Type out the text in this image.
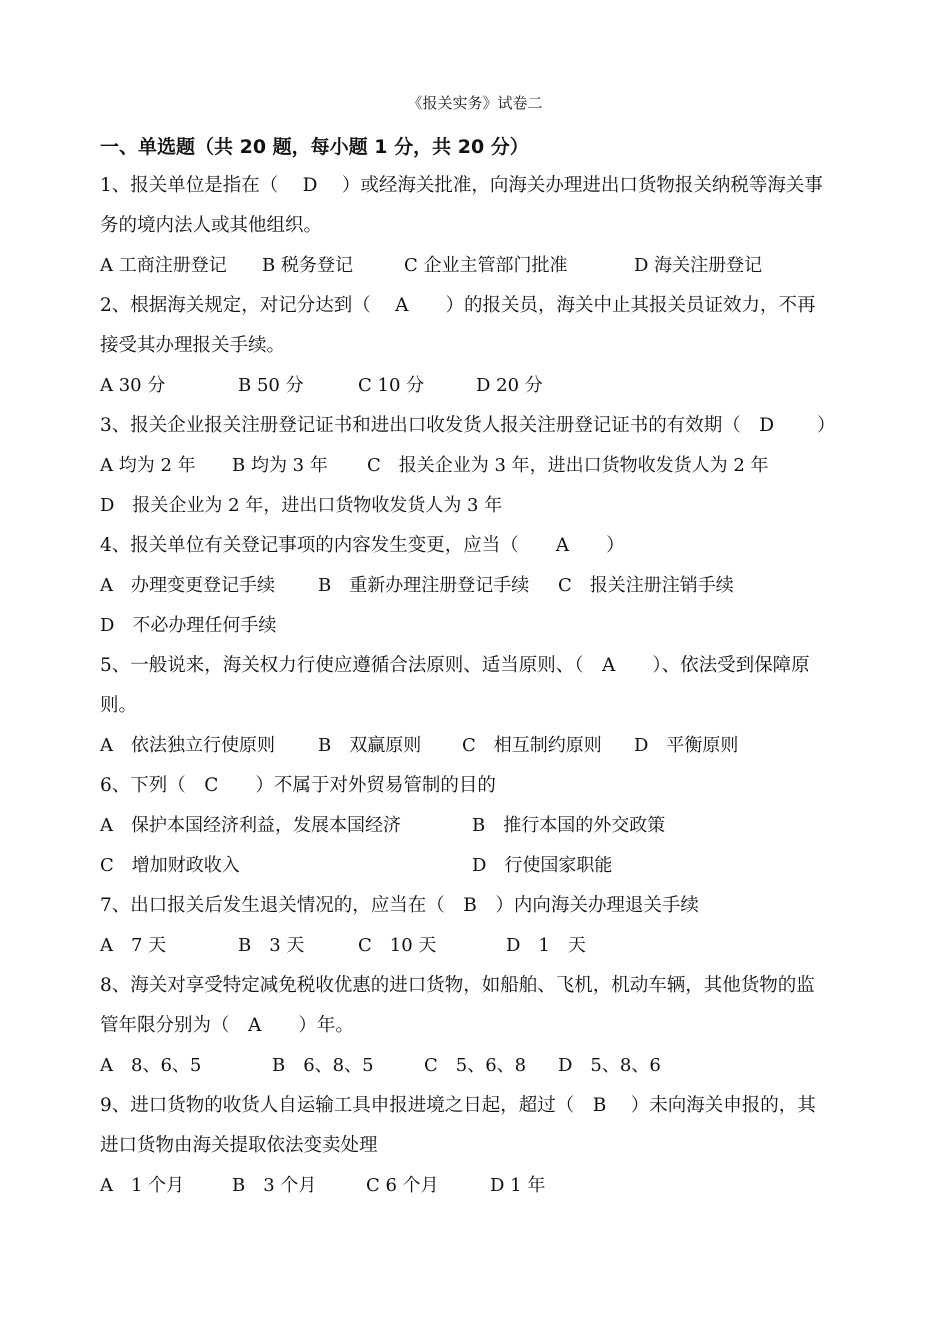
《报关实务》试卷二
一、单选题（共 20 题，每小题 1 分，共 20 分）
1、报关单位是指在（　 D　 ）或经海关批准，向海关办理进出口货物报关纳税等海关事
务的境内法人或其他组织。
A 工商注册登记 B 税务登记	C 企业主管部门批准	D 海关注册登记
2、根据海关规定，对记分达到（　 A　　）的报关员，海关中止其报关员证效力，不再
接受其办理报关手续。
A 30 分	B 50 分	C 10 分	D 20 分
3、报关企业报关注册登记证书和进出口收发货人报关注册登记证书的有效期（　D　　 ）
A 均为 2 年 B 均为 3 年 C　报关企业为 3 年，进出口货物收发货人为 2 年
D　报关企业为 2 年，进出口货物收发货人为 3 年
4、报关单位有关登记事项的内容发生变更，应当（　　A　　）
A　办理变更登记手续 B　重新办理注册登记手续 C　报关注册注销手续
D　不必办理任何手续
5、一般说来，海关权力行使应遵循合法原则、适当原则、（　A　　）、依法受到保障原
则。
A　依法独立行使原则 B　双赢原则 C　相互制约原则 D　平衡原则
6、下列（　C　　）不属于对外贸易管制的目的
A　保护本国经济利益，发展本国经济	B　推行本国的外交政策
C　增加财政收入	D　行使国家职能
7、出口报关后发生退关情况的，应当在（　B　）内向海关办理退关手续
A　7 天	B　3 天	C　10 天	D　1　天
8、海关对享受特定减免税收优惠的进口货物，如船舶、飞机，机动车辆，其他货物的监
管年限分别为（　A　　）年。
A　8、6、5	B　6、8、5	C　5、6、8 D　5、8、6
9、进口货物的收货人自运输工具申报进境之日起，超过（　B　 ）未向海关申报的，其
进口货物由海关提取依法变卖处理
A　1 个月	B　3 个月	C 6 个月	D 1 年
